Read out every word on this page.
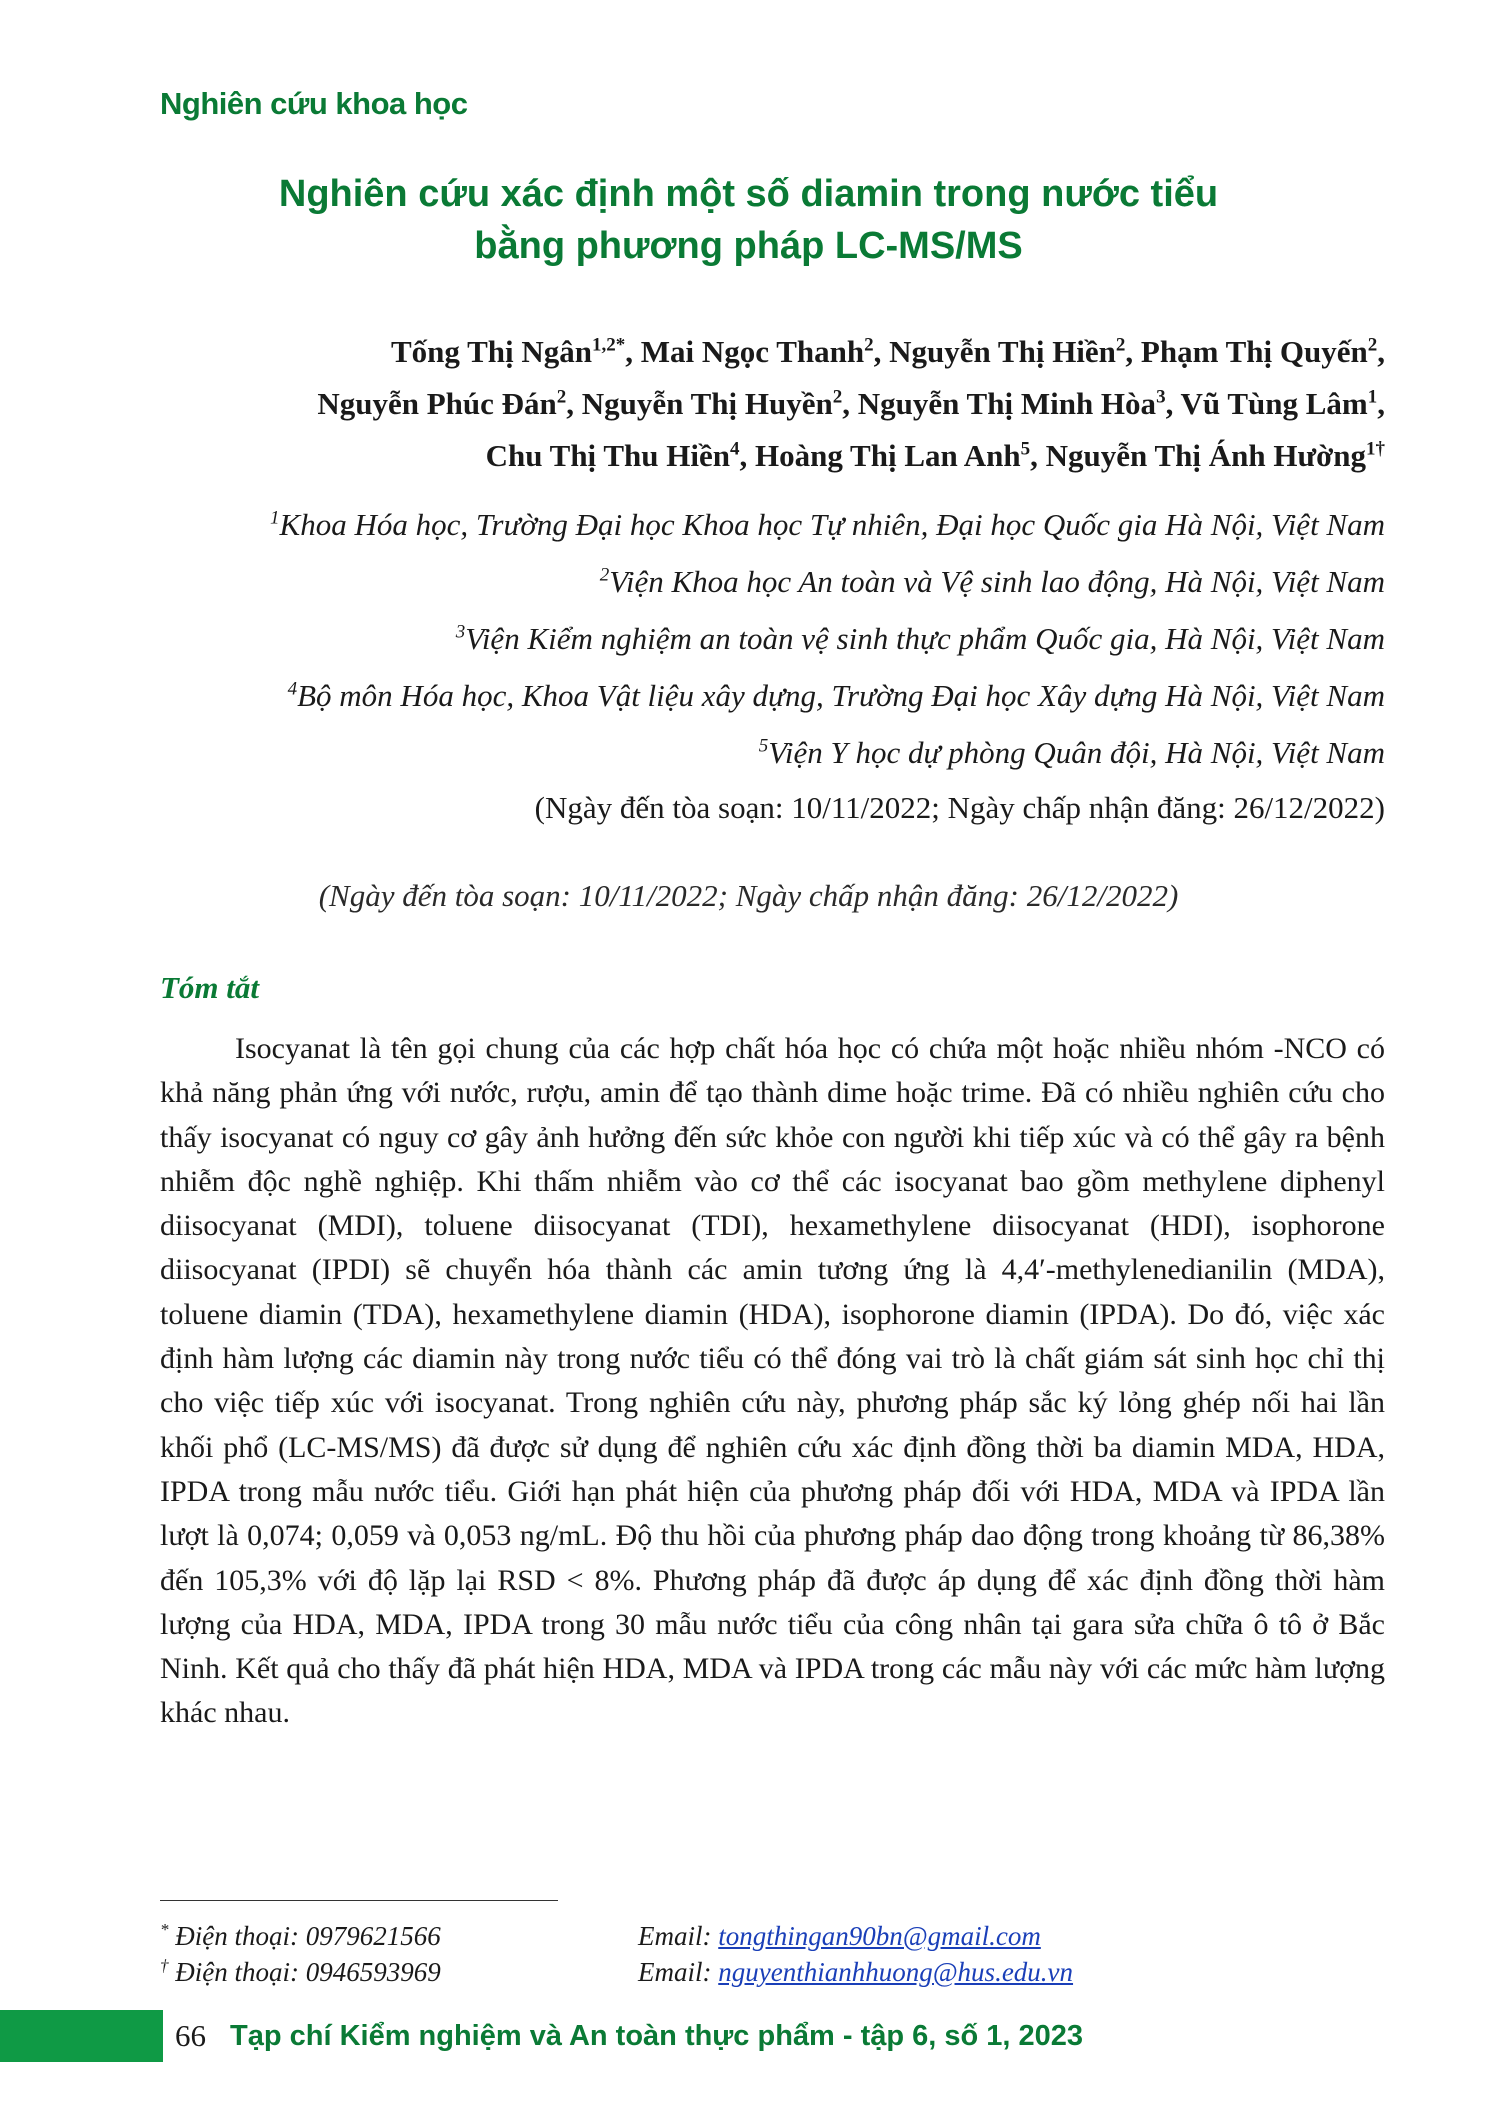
Nghiên cứu khoa học
Nghiên cứu xác định một số diamin trong nước tiểu
bằng phương pháp LC-MS/MS
Tống Thị Ngân$^{1,2*}$, Mai Ngọc Thanh$^2$, Nguyễn Thị Hiền$^2$, Phạm Thị Quyến$^2$,
Nguyễn Phúc Đán$^2$, Nguyễn Thị Huyền$^2$, Nguyễn Thị Minh Hòa$^3$, Vũ Tùng Lâm$^1$,
Chu Thị Thu Hiền$^4$, Hoàng Thị Lan Anh$^5$, Nguyễn Thị Ánh Hường$^{1\dagger}$
$^1$Khoa Hóa học, Trường Đại học Khoa học Tự nhiên, Đại học Quốc gia Hà Nội, Việt Nam
$^2$Viện Khoa học An toàn và Vệ sinh lao động, Hà Nội, Việt Nam
$^3$Viện Kiểm nghiệm an toàn vệ sinh thực phẩm Quốc gia, Hà Nội, Việt Nam
$^4$Bộ môn Hóa học, Khoa Vật liệu xây dựng, Trường Đại học Xây dựng Hà Nội, Việt Nam
$^5$Viện Y học dự phòng Quân đội, Hà Nội, Việt Nam
(Ngày đến tòa soạn: 10/11/2022; Ngày chấp nhận đăng: 26/12/2022)
(Ngày đến tòa soạn: 10/11/2022; Ngày chấp nhận đăng: 26/12/2022)
Tóm tắt

Isocyanat là tên gọi chung của các hợp chất hóa học có chứa một hoặc nhiều nhóm -NCO có khả năng phản ứng với nước, rượu, amin để tạo thành dime hoặc trime. Đã có nhiều nghiên cứu cho thấy isocyanat có nguy cơ gây ảnh hưởng đến sức khỏe con người khi tiếp xúc và có thể gây ra bệnh nhiễm độc nghề nghiệp. Khi thấm nhiễm vào cơ thể các isocyanat bao gồm methylene diphenyl diisocyanat (MDI), toluene diisocyanat (TDI), hexamethylene diisocyanat (HDI), isophorone diisocyanat (IPDI) sẽ chuyển hóa thành các amin tương ứng là 4,4′-methylenedianilin (MDA), toluene diamin (TDA), hexamethylene diamin (HDA), isophorone diamin (IPDA). Do đó, việc xác định hàm lượng các diamin này trong nước tiểu có thể đóng vai trò là chất giám sát sinh học chỉ thị cho việc tiếp xúc với isocyanat. Trong nghiên cứu này, phương pháp sắc ký lỏng ghép nối hai lần khối phổ (LC-MS/MS) đã được sử dụng để nghiên cứu xác định đồng thời ba diamin MDA, HDA, IPDA trong mẫu nước tiểu. Giới hạn phát hiện của phương pháp đối với HDA, MDA và IPDA lần lượt là 0,074; 0,059 và 0,053 ng/mL. Độ thu hồi của phương pháp dao động trong khoảng từ 86,38% đến 105,3% với độ lặp lại RSD < 8%. Phương pháp đã được áp dụng để xác định đồng thời hàm lượng của HDA, MDA, IPDA trong 30 mẫu nước tiểu của công nhân tại gara sửa chữa ô tô ở Bắc Ninh. Kết quả cho thấy đã phát hiện HDA, MDA và IPDA trong các mẫu này với các mức hàm lượng khác nhau.

* Điện thoại: 0979621566	Email: tongthingan90bn@gmail.com
† Điện thoại: 0946593969	Email: nguyenthianhhuong@hus.edu.vn
66 Tạp chí Kiểm nghiệm và An toàn thực phẩm - tập 6, số 1, 2023
